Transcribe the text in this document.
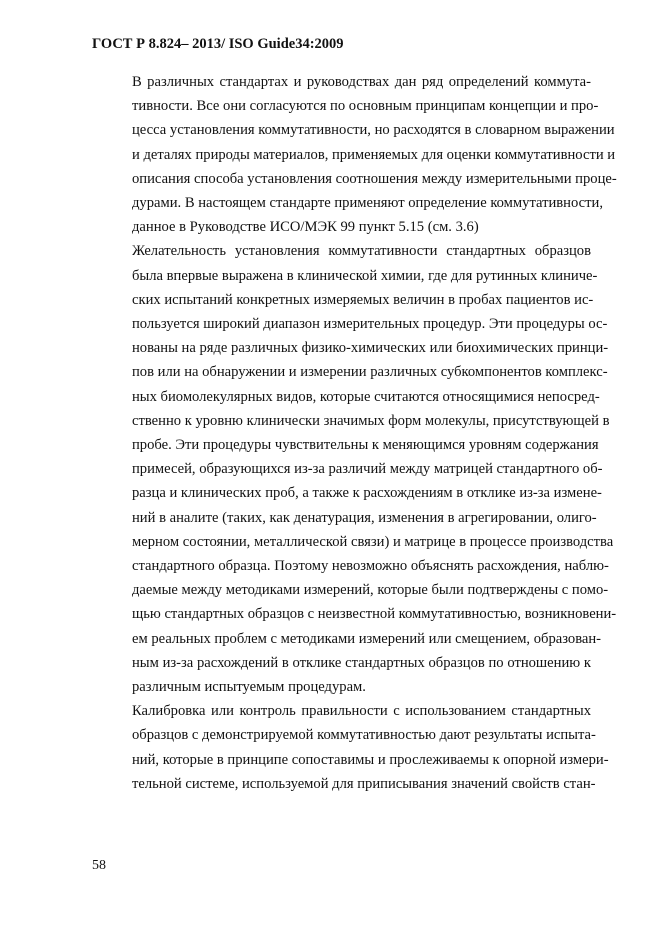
ГОСТ Р 8.824– 2013/ ISO Guide34:2009
В различных стандартах и руководствах дан ряд определений коммута-
тивности. Все они согласуются по основным принципам концепции и про-
цесса установления коммутативности, но расходятся в словарном выражении
и деталях природы материалов, применяемых для оценки коммутативности и
описания способа установления соотношения между измерительными проце-
дурами. В настоящем стандарте применяют определение коммутативности,
данное в Руководстве ИСО/МЭК 99 пункт 5.15 (см. 3.6)
Желательность установления коммутативности стандартных образцов
была впервые выражена в клинической химии, где для рутинных клиниче-
ских испытаний конкретных измеряемых величин в пробах пациентов ис-
пользуется широкий диапазон измерительных процедур. Эти процедуры ос-
нованы на ряде различных физико-химических или биохимических принци-
пов или на обнаружении и измерении различных субкомпонентов комплекс-
ных биомолекулярных видов, которые считаются относящимися непосред-
ственно к уровню клинически значимых форм молекулы, присутствующей в
пробе. Эти процедуры чувствительны к меняющимся уровням содержания
примесей, образующихся из-за различий между матрицей стандартного об-
разца и клинических проб, а также к расхождениям в отклике из-за измене-
ний в аналите (таких, как денатурация, изменения в агрегировании, олиго-
мерном состоянии, металлической связи) и матрице в процессе производства
стандартного образца. Поэтому невозможно объяснять расхождения, наблю-
даемые между методиками измерений, которые были подтверждены с помо-
щью стандартных образцов с неизвестной коммутативностью, возникновени-
ем реальных проблем с методиками измерений или смещением, образован-
ным из-за расхождений в отклике стандартных образцов по отношению к
различным испытуемым процедурам.
Калибровка или контроль правильности с использованием стандартных
образцов с демонстрируемой коммутативностью дают результаты испыта-
ний, которые в принципе сопоставимы и прослеживаемы к опорной измери-
тельной системе, используемой для приписывания значений свойств стан-
58
